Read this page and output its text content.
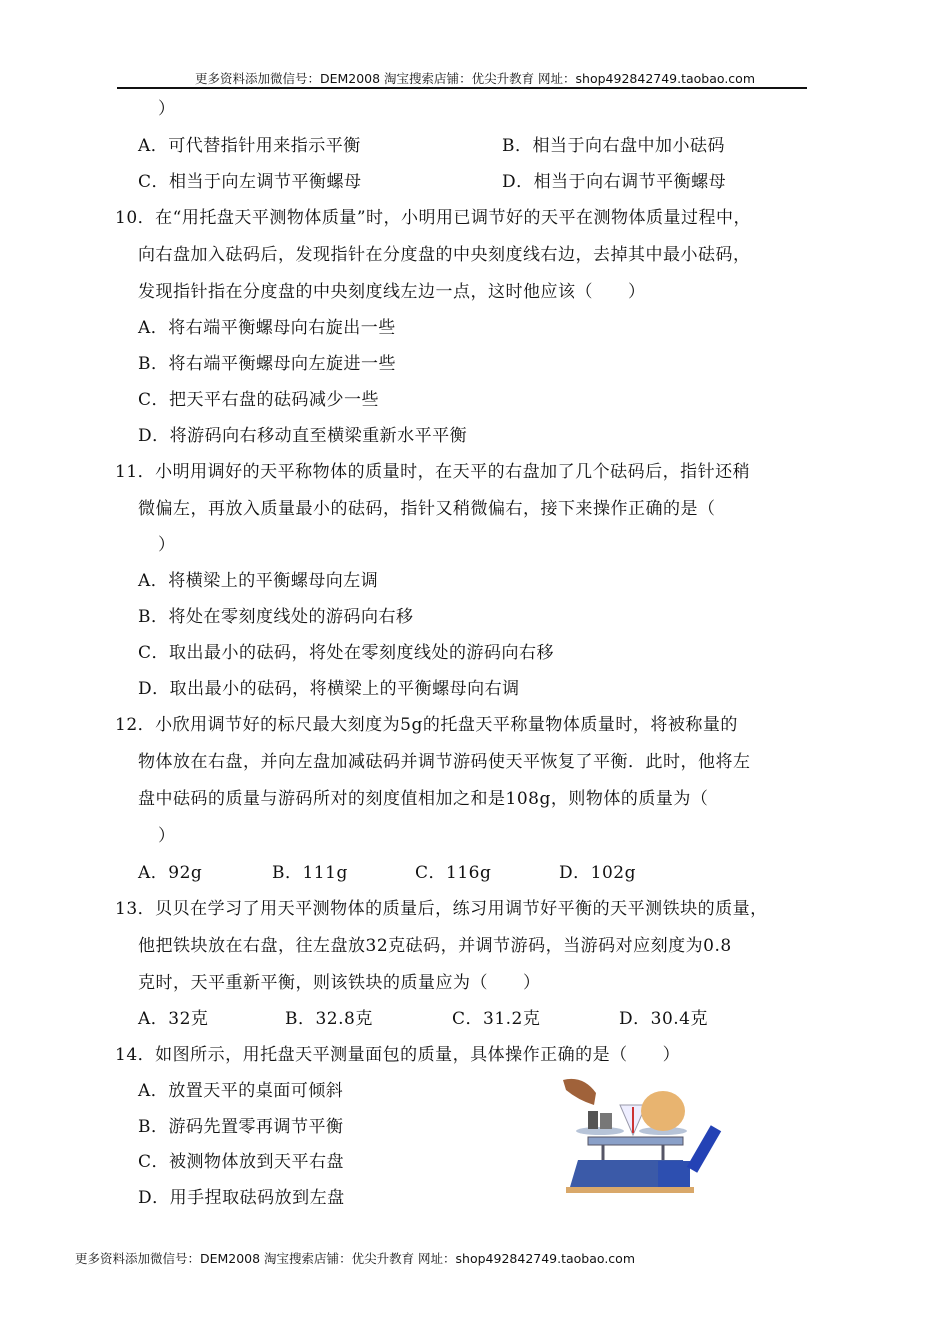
更多资料添加微信号：DEM2008 淘宝搜索店铺：优尖升教育 网址：shop492842749.taobao.com
）
A．可代替指针用来指示平衡	B．相当于向右盘中加小砝码
C．相当于向左调节平衡螺母	D．相当于向右调节平衡螺母
10．在“用托盘天平测物体质量”时，小明用已调节好的天平在测物体质量过程中，
向右盘加入砝码后，发现指针在分度盘的中央刻度线右边，去掉其中最小砝码，
发现指针指在分度盘的中央刻度线左边一点，这时他应该（　　）
A．将右端平衡螺母向右旋出一些
B．将右端平衡螺母向左旋进一些
C．把天平右盘的砝码减少一些
D．将游码向右移动直至横梁重新水平平衡
11．小明用调好的天平称物体的质量时，在天平的右盘加了几个砝码后，指针还稍
微偏左，再放入质量最小的砝码，指针又稍微偏右，接下来操作正确的是（
）
A．将横梁上的平衡螺母向左调
B．将处在零刻度线处的游码向右移
C．取出最小的砝码，将处在零刻度线处的游码向右移
D．取出最小的砝码，将横梁上的平衡螺母向右调
12．小欣用调节好的标尺最大刻度为5g的托盘天平称量物体质量时，将被称量的
物体放在右盘，并向左盘加减砝码并调节游码使天平恢复了平衡．此时，他将左
盘中砝码的质量与游码所对的刻度值相加之和是108g，则物体的质量为（
）
A．92g	B．111g	C．116g	D．102g
13．贝贝在学习了用天平测物体的质量后，练习用调节好平衡的天平测铁块的质量，
他把铁块放在右盘，往左盘放32克砝码，并调节游码，当游码对应刻度为0.8
克时，天平重新平衡，则该铁块的质量应为（　　）
A．32克	B．32.8克	C．31.2克	D．30.4克
14．如图所示，用托盘天平测量面包的质量，具体操作正确的是（　　）
A．放置天平的桌面可倾斜
B．游码先置零再调节平衡
C．被测物体放到天平右盘
D．用手捏取砝码放到左盘
更多资料添加微信号：DEM2008 淘宝搜索店铺：优尖升教育 网址：shop492842749.taobao.com
